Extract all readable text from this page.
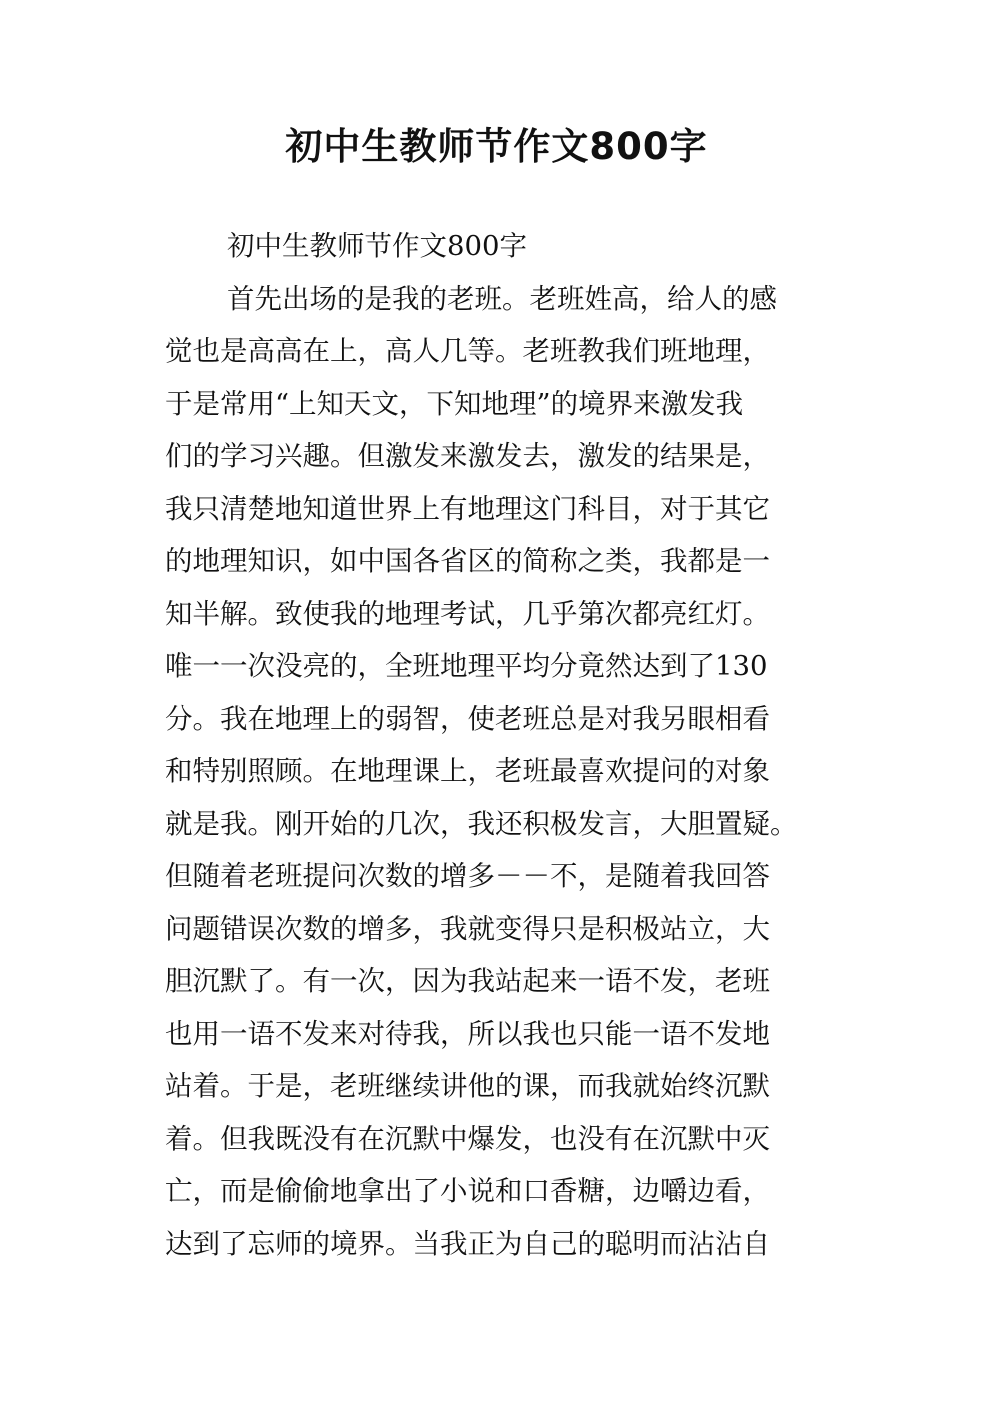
初中生教师节作文800字
初中生教师节作文800字
首先出场的是我的老班。老班姓高，给人的感
觉也是高高在上，高人几等。老班教我们班地理，
于是常用“上知天文，下知地理”的境界来激发我
们的学习兴趣。但激发来激发去，激发的结果是，
我只清楚地知道世界上有地理这门科目，对于其它
的地理知识，如中国各省区的简称之类，我都是一
知半解。致使我的地理考试，几乎第次都亮红灯。
唯一一次没亮的，全班地理平均分竟然达到了130
分。我在地理上的弱智，使老班总是对我另眼相看
和特别照顾。在地理课上，老班最喜欢提问的对象
就是我。刚开始的几次，我还积极发言，大胆置疑。
但随着老班提问次数的增多－－不，是随着我回答
问题错误次数的增多，我就变得只是积极站立，大
胆沉默了。有一次，因为我站起来一语不发，老班
也用一语不发来对待我，所以我也只能一语不发地
站着。于是，老班继续讲他的课，而我就始终沉默
着。但我既没有在沉默中爆发，也没有在沉默中灭
亡，而是偷偷地拿出了小说和口香糖，边嚼边看，
达到了忘师的境界。当我正为自己的聪明而沾沾自
